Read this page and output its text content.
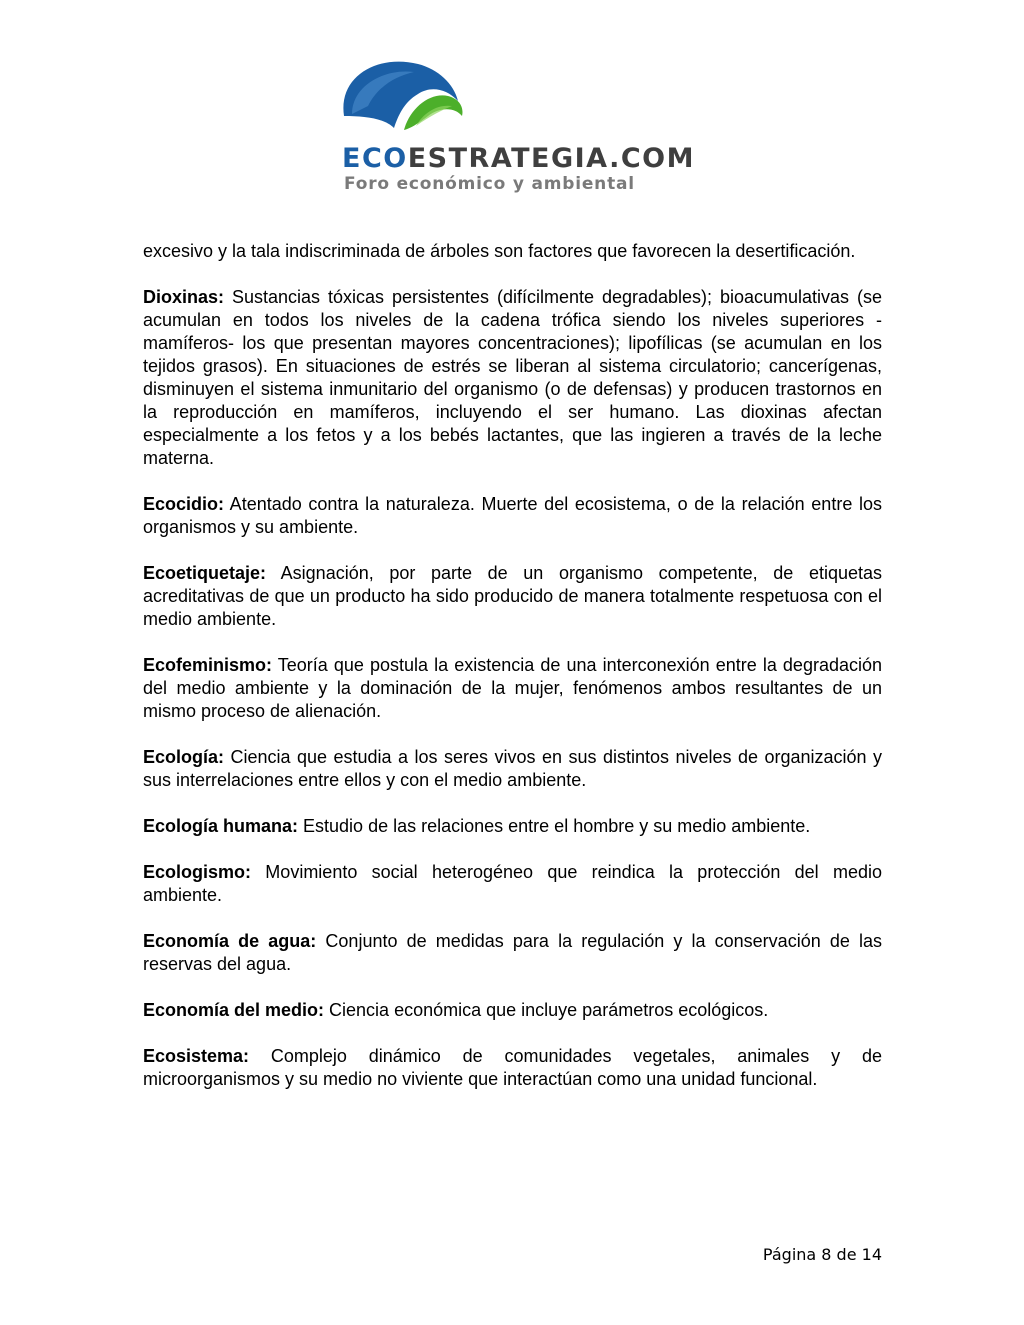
ECOESTRATEGIA.COM
Foro económico y ambiental

excesivo y la tala indiscriminada de árboles son factores que favorecen la desertificación.

Dioxinas: Sustancias tóxicas persistentes (difícilmente degradables); bioacumulativas (se acumulan en todos los niveles de la cadena trófica siendo los niveles superiores -mamíferos- los que presentan mayores concentraciones); lipofílicas (se acumulan en los tejidos grasos). En situaciones de estrés se liberan al sistema circulatorio; cancerígenas, disminuyen el sistema inmunitario del organismo (o de defensas) y producen trastornos en la reproducción en mamíferos, incluyendo el ser humano. Las dioxinas afectan especialmente a los fetos y a los bebés lactantes, que las ingieren a través de la leche materna.

Ecocidio: Atentado contra la naturaleza. Muerte del ecosistema, o de la relación entre los organismos y su ambiente.

Ecoetiquetaje: Asignación, por parte de un organismo competente, de etiquetas acreditativas de que un producto ha sido producido de manera totalmente respetuosa con el medio ambiente.

Ecofeminismo: Teoría que postula la existencia de una interconexión entre la degradación del medio ambiente y la dominación de la mujer, fenómenos ambos resultantes de un mismo proceso de alienación.

Ecología: Ciencia que estudia a los seres vivos en sus distintos niveles de organización y sus interrelaciones entre ellos y con el medio ambiente.

Ecología humana: Estudio de las relaciones entre el hombre y su medio ambiente.

Ecologismo: Movimiento social heterogéneo que reindica la protección del medio ambiente.

Economía de agua: Conjunto de medidas para la regulación y la conservación de las reservas del agua.

Economía del medio: Ciencia económica que incluye parámetros ecológicos.

Ecosistema: Complejo dinámico de comunidades vegetales, animales y de microorganismos y su medio no viviente que interactúan como una unidad funcional.

Página 8 de 14
